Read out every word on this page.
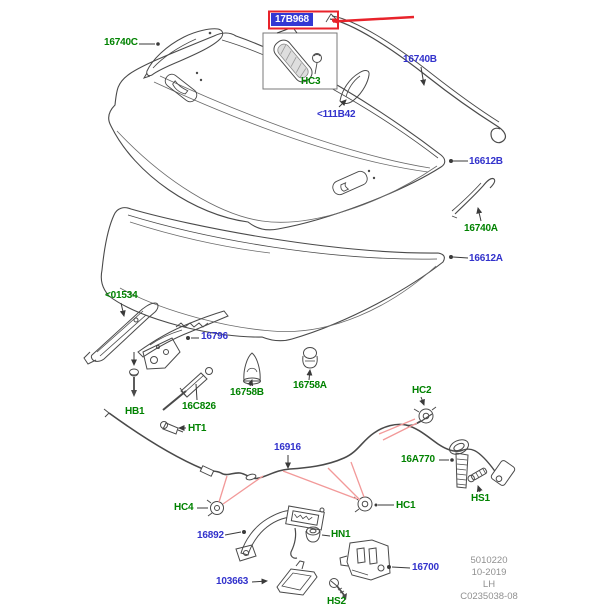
17B968
16740C
HC3
<111B42
16740B
16612B
16740A
16612A
<01534
16796
HB1	16C826
HT1
16758B
16758A	HC2
16916
16A770
HS1
HC4	HC1
HN1
16892
103663
HS2
16700
5010220
10-2019
LH
C0235038-08
